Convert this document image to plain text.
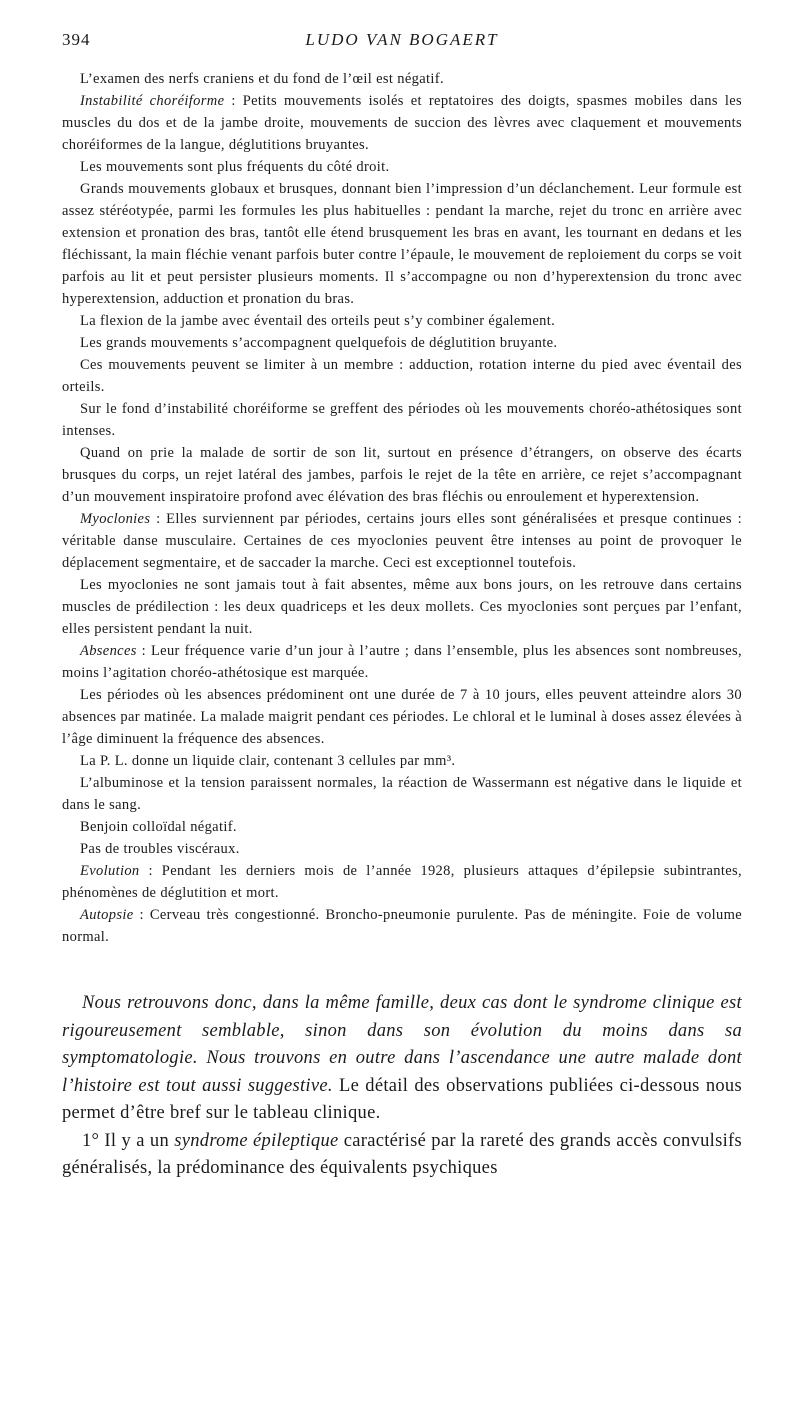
394	LUDO VAN BOGAERT

L’examen des nerfs craniens et du fond de l’œil est négatif.

Instabilité choréiforme : Petits mouvements isolés et reptatoires des doigts, spasmes mobiles dans les muscles du dos et de la jambe droite, mouvements de succion des lèvres avec claquement et mouvements choréiformes de la langue, déglutitions bruyantes.

Les mouvements sont plus fréquents du côté droit.

Grands mouvements globaux et brusques, donnant bien l’impression d’un déclanchement. Leur formule est assez stéréotypée, parmi les formules les plus habituelles : pendant la marche, rejet du tronc en arrière avec extension et pronation des bras, tantôt elle étend brusquement les bras en avant, les tournant en dedans et les fléchissant, la main fléchie venant parfois buter contre l’épaule, le mouvement de reploiement du corps se voit parfois au lit et peut persister plusieurs moments. Il s’accompagne ou non d’hyperextension du tronc avec hyperextension, adduction et pronation du bras.

La flexion de la jambe avec éventail des orteils peut s’y combiner également.

Les grands mouvements s’accompagnent quelquefois de déglutition bruyante.

Ces mouvements peuvent se limiter à un membre : adduction, rotation interne du pied avec éventail des orteils.

Sur le fond d’instabilité choréiforme se greffent des périodes où les mouvements choréo-athétosiques sont intenses.

Quand on prie la malade de sortir de son lit, surtout en présence d’étrangers, on observe des écarts brusques du corps, un rejet latéral des jambes, parfois le rejet de la tête en arrière, ce rejet s’accompagnant d’un mouvement inspiratoire profond avec élévation des bras fléchis ou enroulement et hyperextension.

Myoclonies : Elles surviennent par périodes, certains jours elles sont généralisées et presque continues : véritable danse musculaire. Certaines de ces myoclonies peuvent être intenses au point de provoquer le déplacement segmentaire, et de saccader la marche. Ceci est exceptionnel toutefois.

Les myoclonies ne sont jamais tout à fait absentes, même aux bons jours, on les retrouve dans certains muscles de prédilection : les deux quadriceps et les deux mollets. Ces myoclonies sont perçues par l’enfant, elles persistent pendant la nuit.

Absences : Leur fréquence varie d’un jour à l’autre ; dans l’ensemble, plus les absences sont nombreuses, moins l’agitation choréo-athétosique est marquée.

Les périodes où les absences prédominent ont une durée de 7 à 10 jours, elles peuvent atteindre alors 30 absences par matinée. La malade maigrit pendant ces périodes. Le chloral et le luminal à doses assez élevées à l’âge diminuent la fréquence des absences.

La P. L. donne un liquide clair, contenant 3 cellules par mm³.

L’albuminose et la tension paraissent normales, la réaction de Wassermann est négative dans le liquide et dans le sang.

Benjoin colloïdal négatif.

Pas de troubles viscéraux.

Evolution : Pendant les derniers mois de l’année 1928, plusieurs attaques d’épilepsie subintrantes, phénomènes de déglutition et mort.

Autopsie : Cerveau très congestionné. Broncho-pneumonie purulente. Pas de méningite. Foie de volume normal.

Nous retrouvons donc, dans la même famille, deux cas dont le syndrome clinique est rigoureusement semblable, sinon dans son évolution du moins dans sa symptomatologie. Nous trouvons en outre dans l’ascendance une autre malade dont l’histoire est tout aussi suggestive. Le détail des observations publiées ci-dessous nous permet d’être bref sur le tableau clinique.

1° Il y a un syndrome épileptique caractérisé par la rareté des grands accès convulsifs généralisés, la prédominance des équivalents psychiques
